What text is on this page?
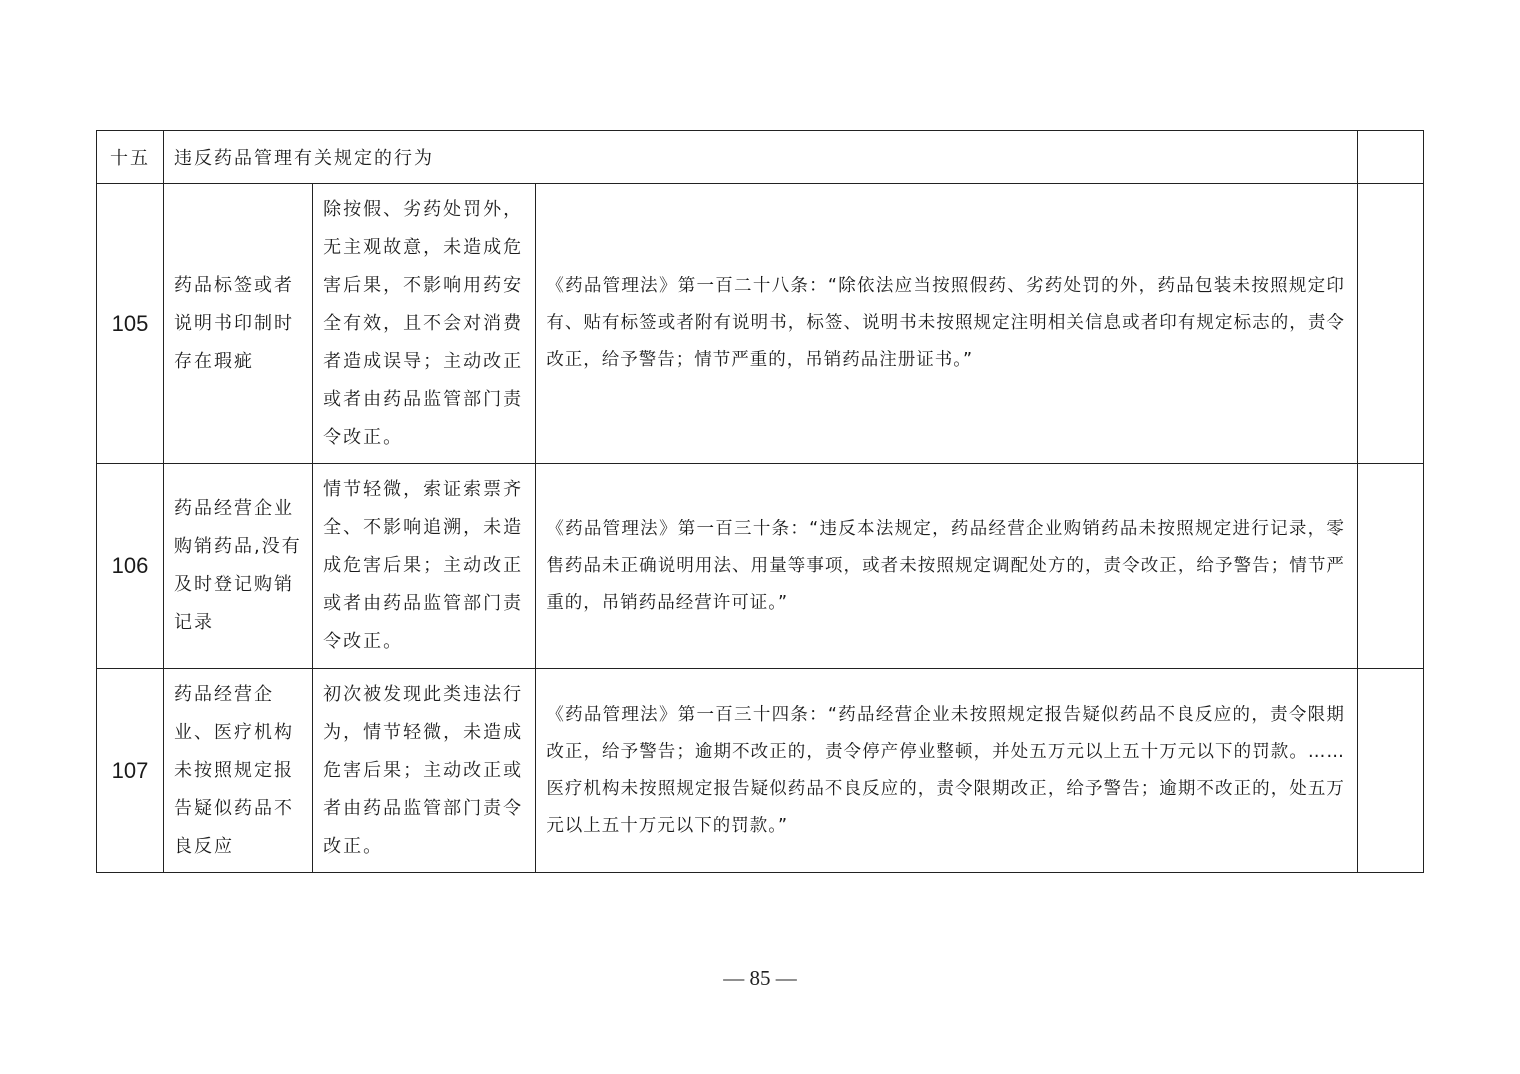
十五	违反药品管理有关规定的行为			
105	药品标签或者说明书印制时存在瑕疵	除按假、劣药处罚外，无主观故意，未造成危害后果，不影响用药安全有效，且不会对消费者造成误导；主动改正或者由药品监管部门责令改正。	《药品管理法》第一百二十八条：“除依法应当按照假药、劣药处罚的外，药品包装未按照规定印有、贴有标签或者附有说明书，标签、说明书未按照规定注明相关信息或者印有规定标志的，责令改正，给予警告；情节严重的，吊销药品注册证书。”	
106	药品经营企业购销药品,没有及时登记购销记录	情节轻微，索证索票齐全、不影响追溯，未造成危害后果；主动改正或者由药品监管部门责令改正。	《药品管理法》第一百三十条：“违反本法规定，药品经营企业购销药品未按照规定进行记录，零售药品未正确说明用法、用量等事项，或者未按照规定调配处方的，责令改正，给予警告；情节严重的，吊销药品经营许可证。”	
107	药品经营企业、医疗机构未按照规定报告疑似药品不良反应	初次被发现此类违法行为，情节轻微，未造成危害后果；主动改正或者由药品监管部门责令改正。	《药品管理法》第一百三十四条：“药品经营企业未按照规定报告疑似药品不良反应的，责令限期改正，给予警告；逾期不改正的，责令停产停业整顿，并处五万元以上五十万元以下的罚款。……医疗机构未按照规定报告疑似药品不良反应的，责令限期改正，给予警告；逾期不改正的，处五万元以上五十万元以下的罚款。”	
— 85 —
